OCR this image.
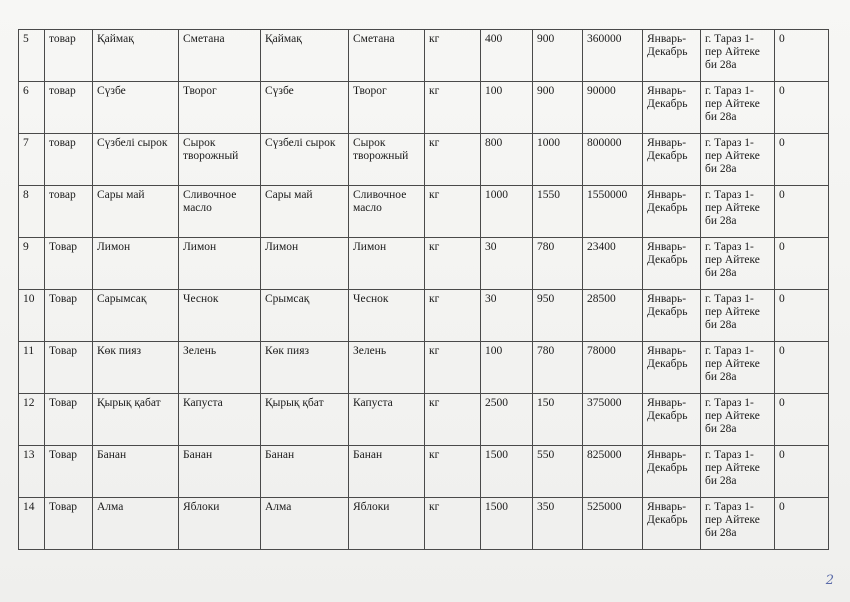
5	товар	Қаймақ	Сметана	Қаймақ	Сметана	кг	400	900	360000	Январь-Декабрь	г. Тараз 1-пер Айтеке би 28а	0
6	товар	Сүзбе	Творог	Сүзбе	Творог	кг	100	900	90000	Январь-Декабрь	г. Тараз 1-пер Айтеке би 28а	0
7	товар	Сүзбелі сырок	Сырок творожный	Сүзбелі сырок	Сырок творожный	кг	800	1000	800000	Январь-Декабрь	г. Тараз 1-пер Айтеке би 28а	0
8	товар	Сары май	Сливочное масло	Сары май	Сливочное масло	кг	1000	1550	1550000	Январь-Декабрь	г. Тараз 1-пер Айтеке би 28а	0
9	Товар	Лимон	Лимон	Лимон	Лимон	кг	30	780	23400	Январь-Декабрь	г. Тараз 1-пер Айтеке би 28а	0
10	Товар	Сарымсақ	Чеснок	Срымсақ	Чеснок	кг	30	950	28500	Январь-Декабрь	г. Тараз 1-пер Айтеке би 28а	0
11	Товар	Көк пияз	Зелень	Көк пияз	Зелень	кг	100	780	78000	Январь-Декабрь	г. Тараз 1-пер Айтеке би 28а	0
12	Товар	Қырық қабат	Капуста	Қырық қбат	Капуста	кг	2500	150	375000	Январь-Декабрь	г. Тараз 1-пер Айтеке би 28а	0
13	Товар	Банан	Банан	Банан	Банан	кг	1500	550	825000	Январь-Декабрь	г. Тараз 1-пер Айтеке би 28а	0
14	Товар	Алма	Яблоки	Алма	Яблоки	кг	1500	350	525000	Январь-Декабрь	г. Тараз 1-пер Айтеке би 28а	0
2
